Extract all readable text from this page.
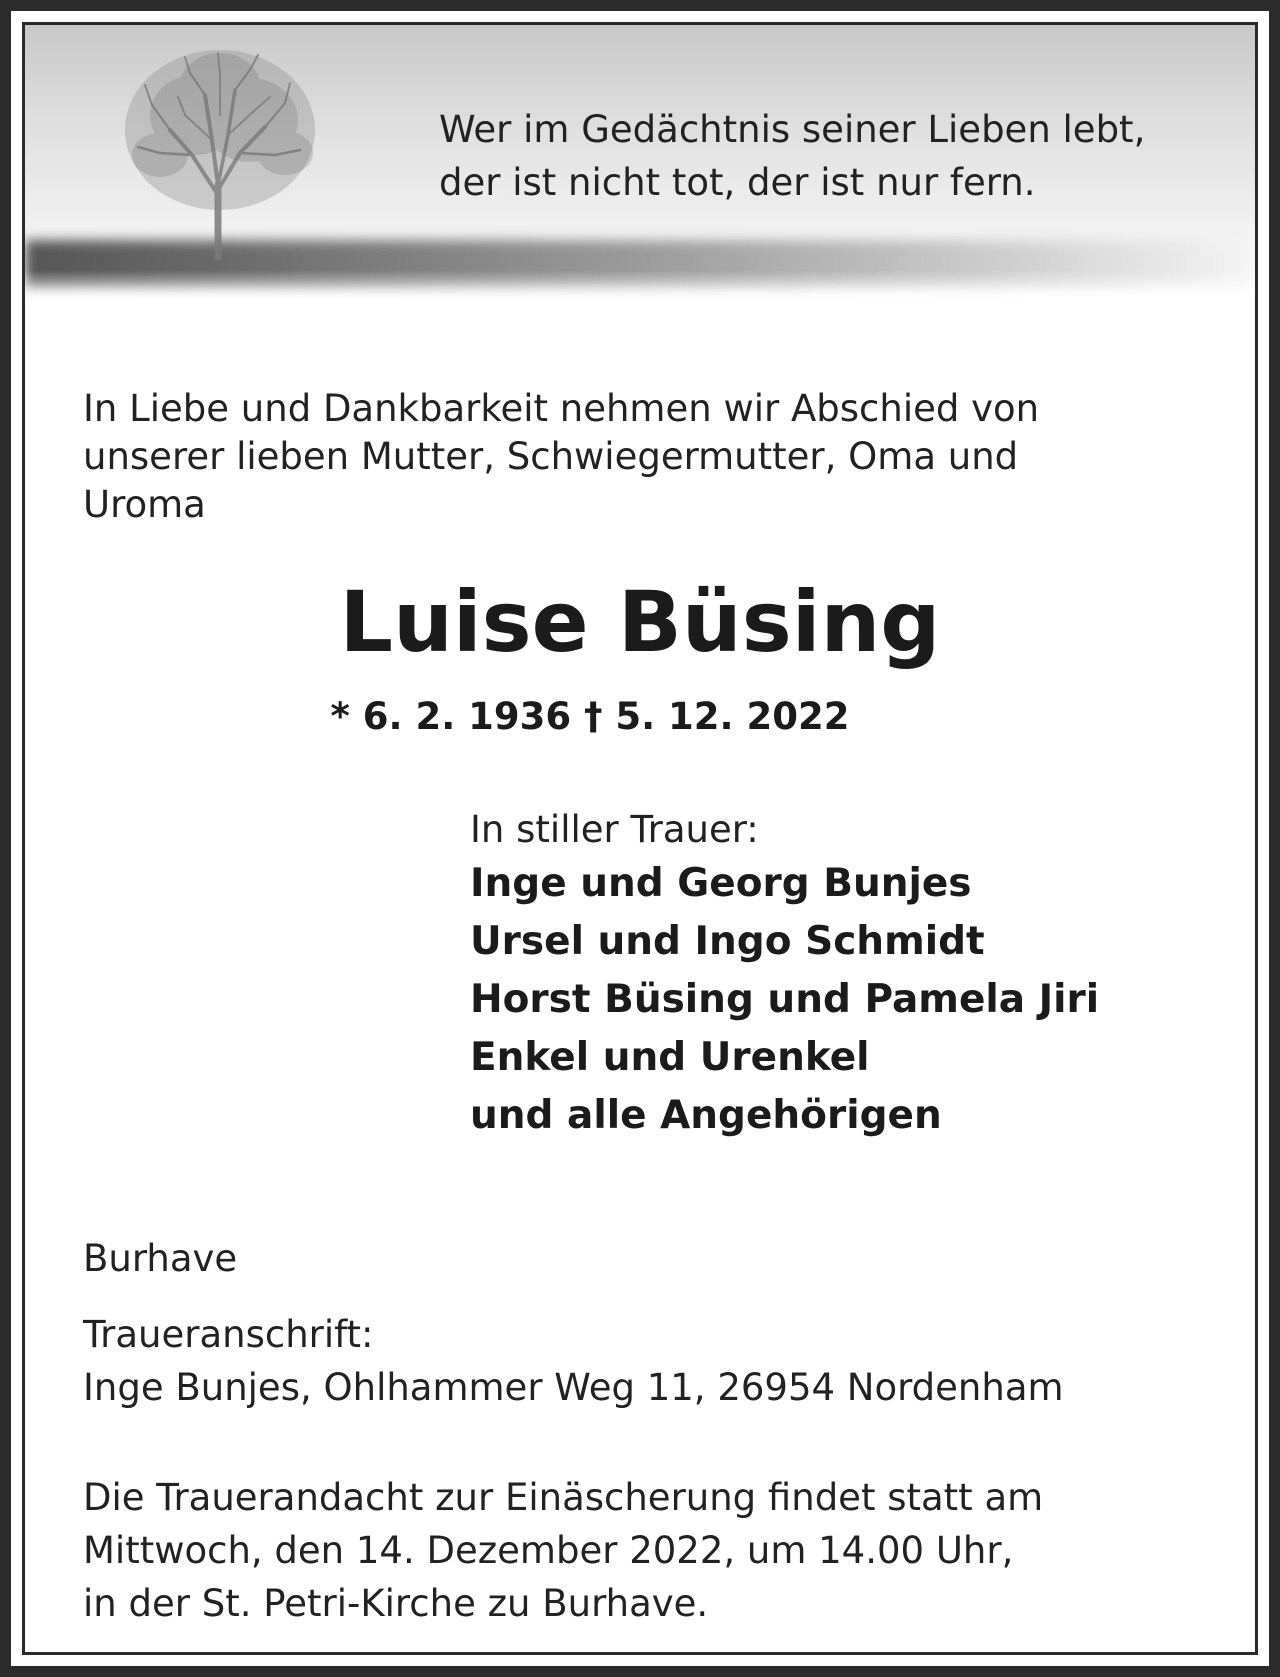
Wer im Gedächtnis seiner Lieben lebt,
der ist nicht tot, der ist nur fern.
In Liebe und Dankbarkeit nehmen wir Abschied von
unserer lieben Mutter, Schwiegermutter, Oma und
Uroma
Luise Büsing
* 6. 2. 1936 † 5. 12. 2022
In stiller Trauer:
Inge und Georg Bunjes
Ursel und Ingo Schmidt
Horst Büsing und Pamela Jiri
Enkel und Urenkel
und alle Angehörigen
Burhave
Traueranschrift:
Inge Bunjes, Ohlhammer Weg 11, 26954 Nordenham
Die Trauerandacht zur Einäscherung findet statt am
Mittwoch, den 14. Dezember 2022, um 14.00 Uhr,
in der St. Petri-Kirche zu Burhave.
